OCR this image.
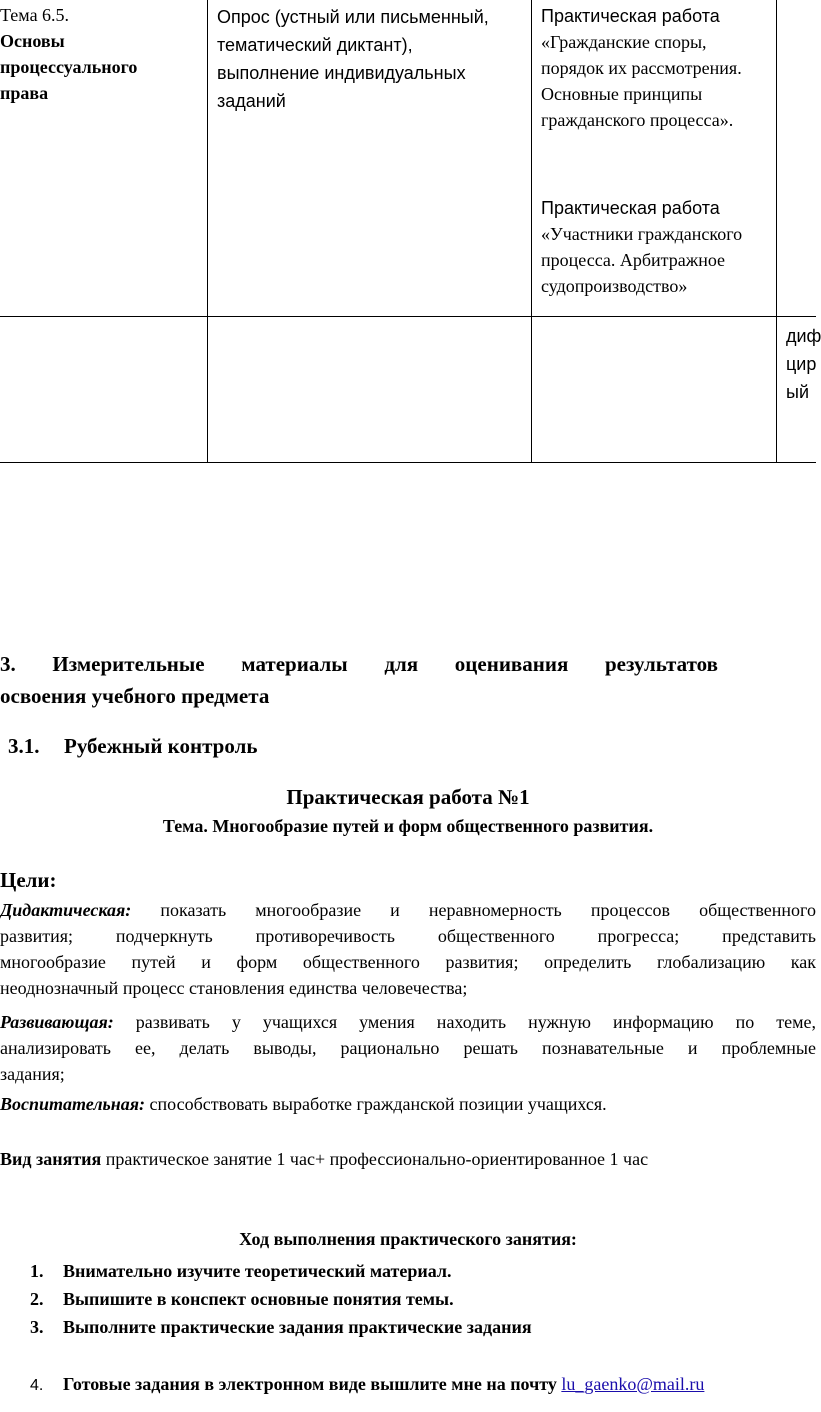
Тема 6.5.
Основы
процессуального
права
Опрос (устный или письменный,
тематический диктант),
выполнение индивидуальных
заданий
Практическая работа
«Гражданские споры,
порядок их рассмотрения.
Основные принципы
гражданского процесса».
Практическая работа
«Участники гражданского
процесса. Арбитражное
судопроизводство»
диф
цир
ый
3. Измерительные материалы для оценивания результатов
освоения учебного предмета
3.1. Рубежный контроль
Практическая работа №1
Тема. Многообразие путей и форм общественного развития.
Цели:
Дидактическая: показать многообразие и неравномерность процессов общественного
развития; подчеркнуть противоречивость общественного прогресса; представить
многообразие путей и форм общественного развития; определить глобализацию как
неоднозначный процесс становления единства человечества;
Развивающая: развивать у учащихся умения находить нужную информацию по теме,
анализировать ее, делать выводы, рационально решать познавательные и проблемные
задания;
Воспитательная: способствовать выработке гражданской позиции учащихся.
Вид занятия практическое занятие 1 час+ профессионально-ориентированное 1 час
Ход выполнения практического занятия:
1. Внимательно изучите теоретический материал.
2. Выпишите в конспект основные понятия темы.
3. Выполните практические задания практические задания
4. Готовые задания в электронном виде вышлите мне на почту lu_gaenko@mail.ru
